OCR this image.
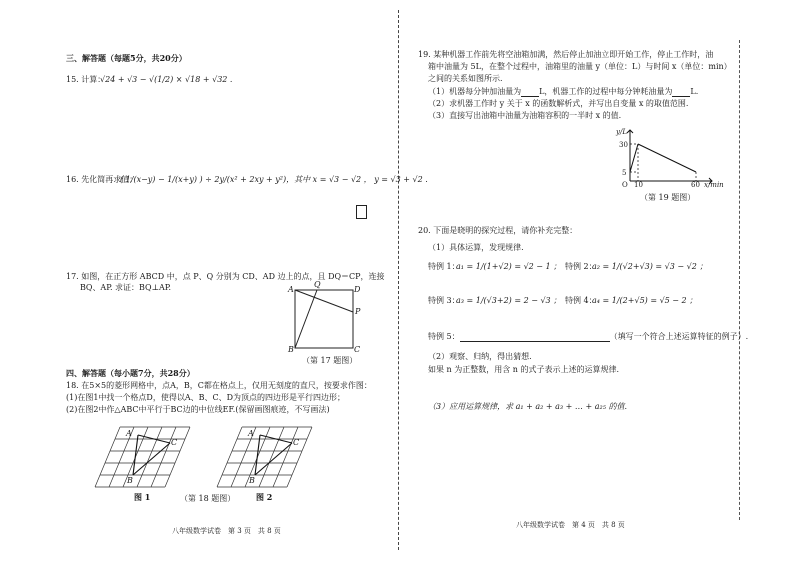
三、解答题（每题5分，共20分）
15. 计算：
√24 + √3 − √(1/2) × √18 + √32 .
16. 先化简再求值：
( 1/(x−y) − 1/(x+y) ) ÷ 2y/(x² + 2xy + y²)，其中 x = √3 − √2 ， y = √3 + √2 .
17. 如图，在正方形 ABCD 中，点 P、Q 分别为 CD、AD 边上的点，且 DQ＝CP，连接
BQ、AP. 求证：BQ⊥AP.	A
Q
D
P
B	C
（第 17 题图）
四、解答题（每小题7分，共28分）
18. 在5×5的菱形网格中，点A，B，C都在格点上，仅用无刻度的直尺，按要求作图：
(1)在图1中找一个格点D，使得以A、B、C、D为顶点的四边形是平行四边形；
(2)在图2中作△ABC中平行于BC边的中位线EF.(保留画图痕迹，不写画法)
A
C
B
图 1
A
C
B
图 2
（第 18 题图）
八年级数学试卷　第 3 页　共 8 页
19. 某种机器工作前先将空油箱加满，然后停止加油立即开始工作，停止工作时，油
箱中油量为 5L，在整个过程中，油箱里的油量 y（单位：L）与时间 x（单位：min）
之间的关系如图所示.
（1）机器每分钟加油量为 L，机器工作的过程中每分钟耗油量为 L.
（2）求机器工作时 y 关于 x 的函数解析式，并写出自变量 x 的取值范围.
（3）直接写出油箱中油量为油箱容积的一半时 x 的值.
y/L
30
5
O 10	60 x/min
（第 19 题图）
20. 下面是晓明的探究过程，请你补充完整：
（1）具体运算，发现规律.
特例 1：
a₁ = 1/(1+√2) = √2 − 1 ； 特例 2：
a₂ = 1/(√2+√3) = √3 − √2 ；
特例 3：
a₃ = 1/(√3+2) = 2 − √3 ； 特例 4：
a₄ = 1/(2+√5) = √5 − 2 ；
特例 5：	（填写一个符合上述运算特征的例子）.
（2）观察、归纳，得出猜想.
如果 n 为正整数，用含 n 的式子表示上述的运算规律.
（3）应用运算规律，求 a₁ + a₂ + a₃ + … + a₂₅ 的值.
八年级数学试卷　第 4 页　共 8 页
